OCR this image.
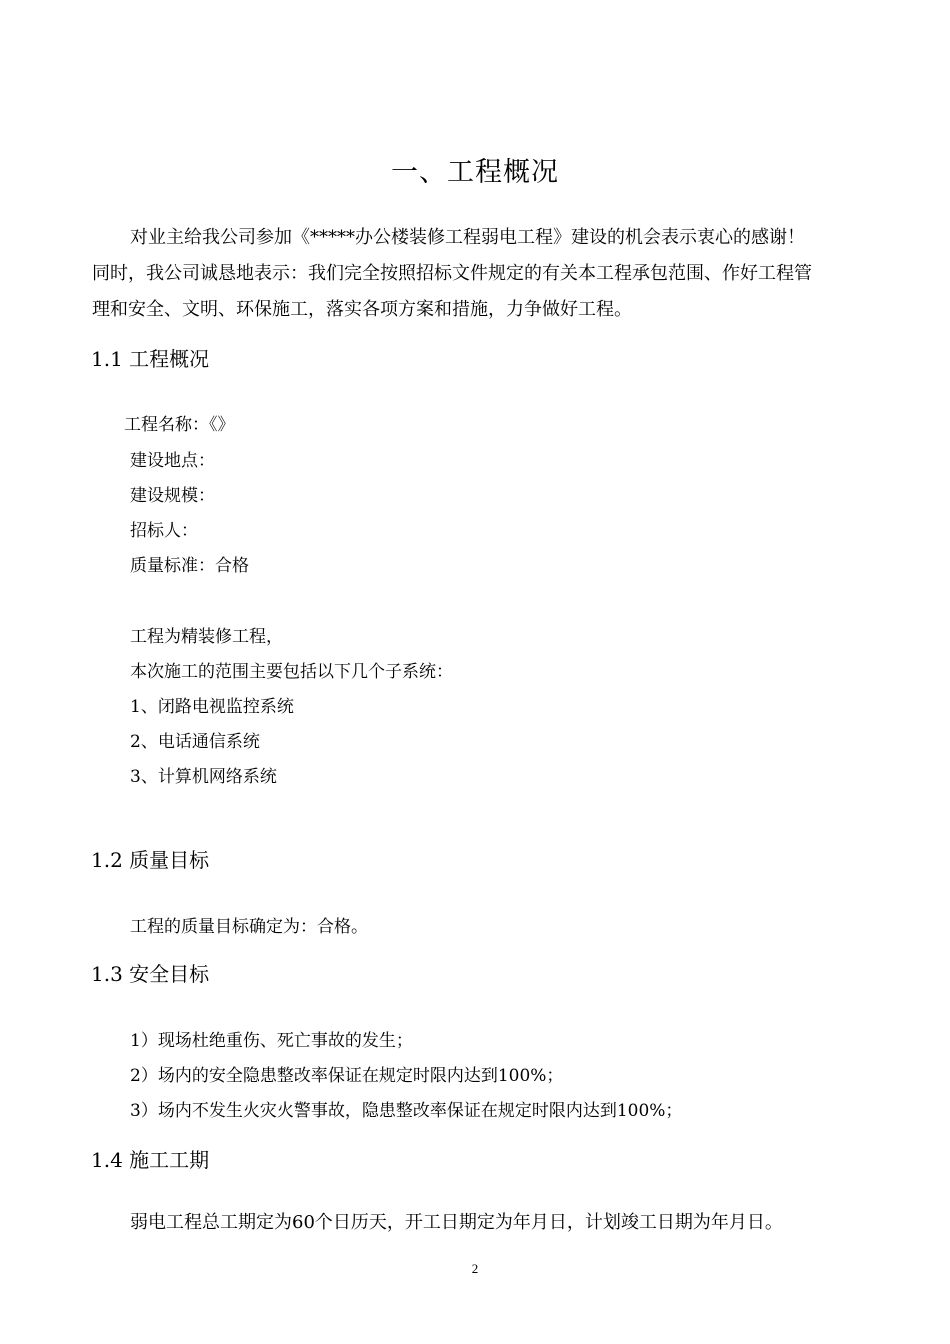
一、工程概况
对业主给我公司参加《*****办公楼装修工程弱电工程》建设的机会表示衷心的感谢！
同时，我公司诚恳地表示：我们完全按照招标文件规定的有关本工程承包范围、作好工程管
理和安全、文明、环保施工，落实各项方案和措施，力争做好工程。
1.1 工程概况
工程名称：《》
建设地点：
建设规模：
招标人：
质量标准：合格
工程为精装修工程，
本次施工的范围主要包括以下几个子系统：
1、闭路电视监控系统
2、电话通信系统
3、计算机网络系统
1.2 质量目标
工程的质量目标确定为：合格。
1.3 安全目标
1）现场杜绝重伤、死亡事故的发生；
2）场内的安全隐患整改率保证在规定时限内达到100%；
3）场内不发生火灾火警事故，隐患整改率保证在规定时限内达到100%；
1.4 施工工期
弱电工程总工期定为60个日历天，开工日期定为年月日，计划竣工日期为年月日。
2
